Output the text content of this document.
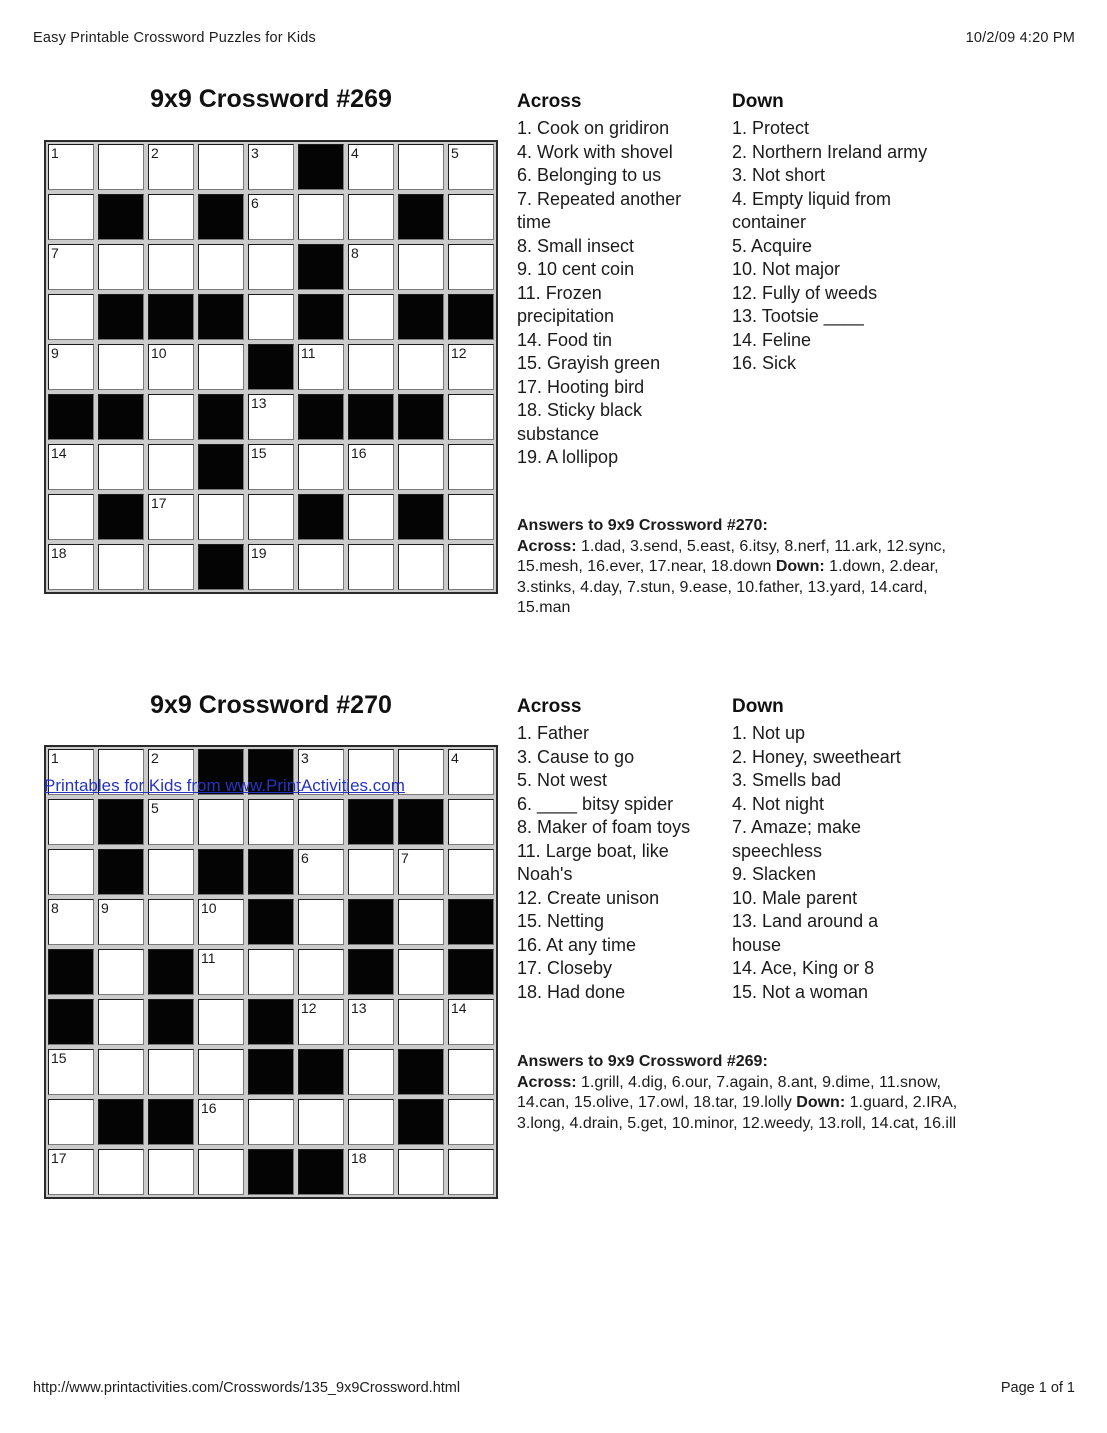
Easy Printable Crossword Puzzles for Kids	10/2/09 4:20 PM
9x9 Crossword #269
1	2	3	4	5
6
7	8
9	10	11	12
13
14	15	16
17
18	19
Across
1. Cook on gridiron
4. Work with shovel
6. Belonging to us
7. Repeated another
time
8. Small insect
9. 10 cent coin
11. Frozen
precipitation
14. Food tin
15. Grayish green
17. Hooting bird
18. Sticky black
substance
19. A lollipop
Down
1. Protect
2. Northern Ireland army
3. Not short
4. Empty liquid from
container
5. Acquire
10. Not major
12. Fully of weeds
13. Tootsie ____
14. Feline
16. Sick
Answers to 9x9 Crossword #270:
Across: 1.dad, 3.send, 5.east, 6.itsy, 8.nerf, 11.ark, 12.sync, 15.mesh, 16.ever, 17.near, 18.down Down: 1.down, 2.dear, 3.stinks, 4.day, 7.stun, 9.ease, 10.father, 13.yard, 14.card, 15.man
9x9 Crossword #270
1	2	3	4
5
6	7
8	9	10
11
12 13	14
15
16
17	18
Printables for Kids from www.PrintActivities.com
Across
1. Father
3. Cause to go
5. Not west
6. ____ bitsy spider
8. Maker of foam toys
11. Large boat, like
Noah's
12. Create unison
15. Netting
16. At any time
17. Closeby
18. Had done
Down
1. Not up
2. Honey, sweetheart
3. Smells bad
4. Not night
7. Amaze; make
speechless
9. Slacken
10. Male parent
13. Land around a
house
14. Ace, King or 8
15. Not a woman
Answers to 9x9 Crossword #269:
Across: 1.grill, 4.dig, 6.our, 7.again, 8.ant, 9.dime, 11.snow, 14.can, 15.olive, 17.owl, 18.tar, 19.lolly Down: 1.guard, 2.IRA, 3.long, 4.drain, 5.get, 10.minor, 12.weedy, 13.roll, 14.cat, 16.ill
http://www.printactivities.com/Crosswords/135_9x9Crossword.html	Page 1 of 1
